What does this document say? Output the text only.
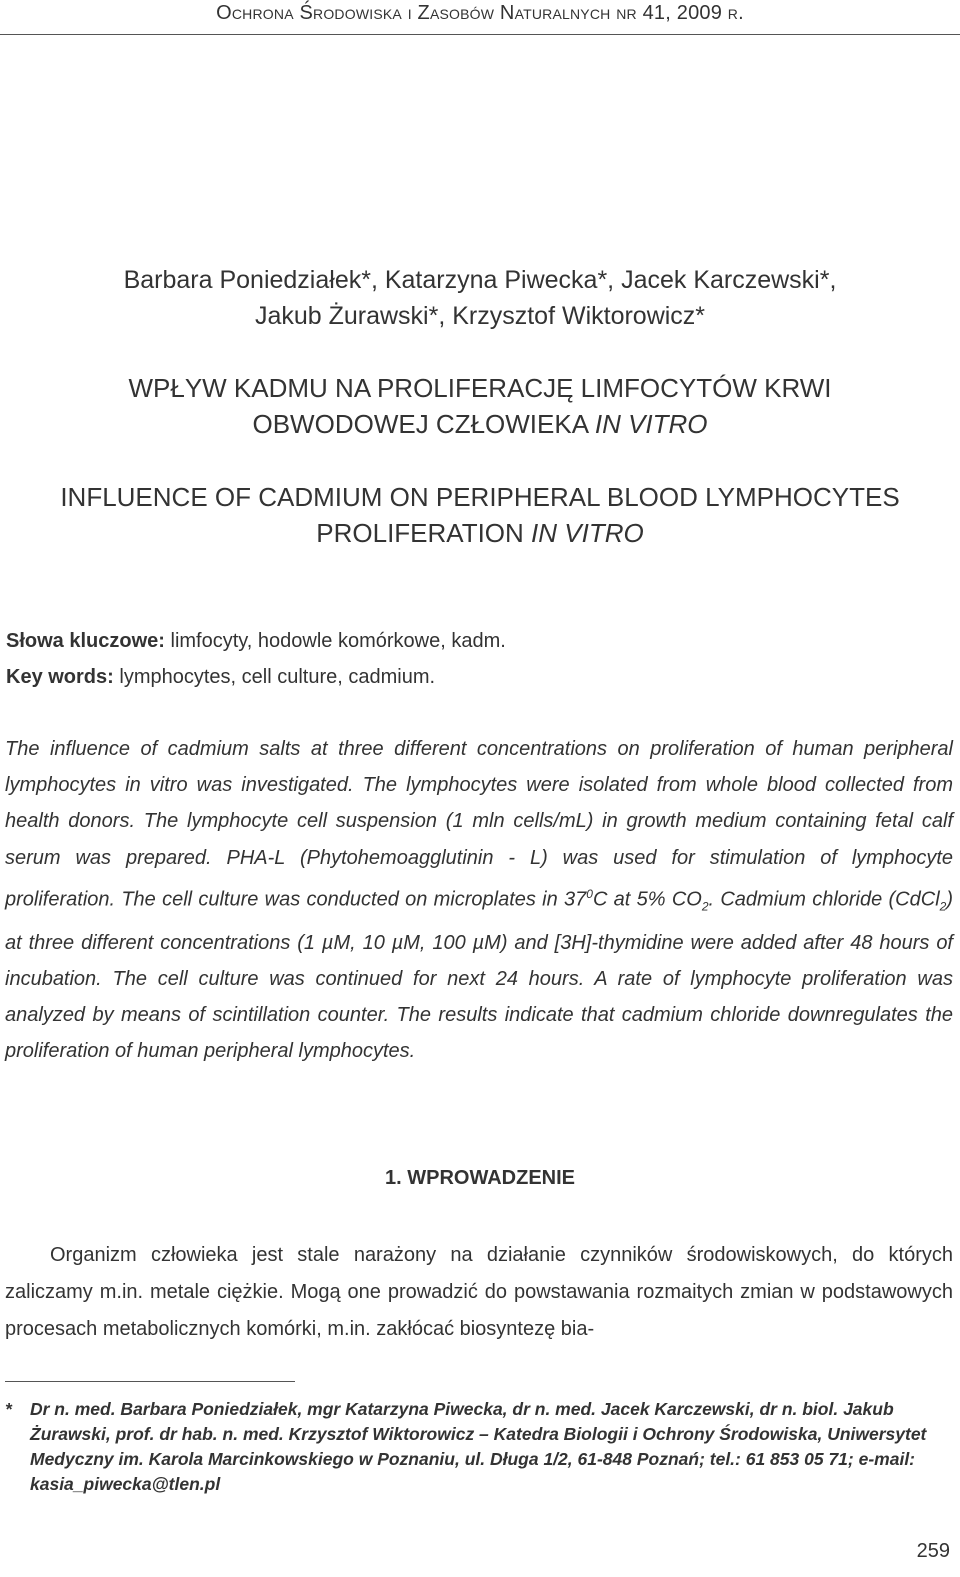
Ochrona Środowiska i Zasobów Naturalnych nr 41, 2009 r.
Barbara Poniedziałek*, Katarzyna Piwecka*, Jacek Karczewski*,
Jakub Żurawski*, Krzysztof Wiktorowicz*
WPŁYW KADMU NA PROLIFERACJĘ LIMFOCYTÓW KRWI
OBWODOWEJ CZŁOWIEKA IN VITRO
INFLUENCE OF CADMIUM ON PERIPHERAL BLOOD LYMPHOCYTES
PROLIFERATION IN VITRO
Słowa kluczowe: limfocyty, hodowle komórkowe, kadm.
Key words: lymphocytes, cell culture, cadmium.
The influence of cadmium salts at three different concentrations on proliferation of human peripheral lymphocytes in vitro was investigated. The lymphocytes were isolated from whole blood collected from health donors. The lymphocyte cell suspension (1 mln cells/mL) in growth medium containing fetal calf serum was prepared. PHA-L (Phytohemoagglutinin - L) was used for stimulation of lymphocyte proliferation. The cell culture was conducted on microplates in $37^0C$ at 5% $CO_2$. Cadmium chloride (CdCl$_2$) at three different concentrations (1 µM, 10 µM, 100 µM) and [3H]-thymidine were added after 48 hours of incubation. The cell culture was continued for next 24 hours. A rate of lymphocyte proliferation was analyzed by means of scintillation counter. The results indicate that cadmium chloride downregulates the proliferation of human peripheral lymphocytes.
1. WPROWADZENIE
Organizm człowieka jest stale narażony na działanie czynników środowiskowych, do których zaliczamy m.in. metale ciężkie. Mogą one prowadzić do powstawania rozmaitych zmian w podstawowych procesach metabolicznych komórki, m.in. zakłócać biosyntezę bia-
* Dr n. med. Barbara Poniedziałek, mgr Katarzyna Piwecka, dr n. med. Jacek Karczewski, dr n. biol. Jakub Żurawski, prof. dr hab. n. med. Krzysztof Wiktorowicz – Katedra Biologii i Ochrony Środowiska, Uniwersytet Medyczny im. Karola Marcinkowskiego w Poznaniu, ul. Długa 1/2, 61-848 Poznań; tel.: 61 853 05 71; e-mail: kasia_piwecka@tlen.pl
259
